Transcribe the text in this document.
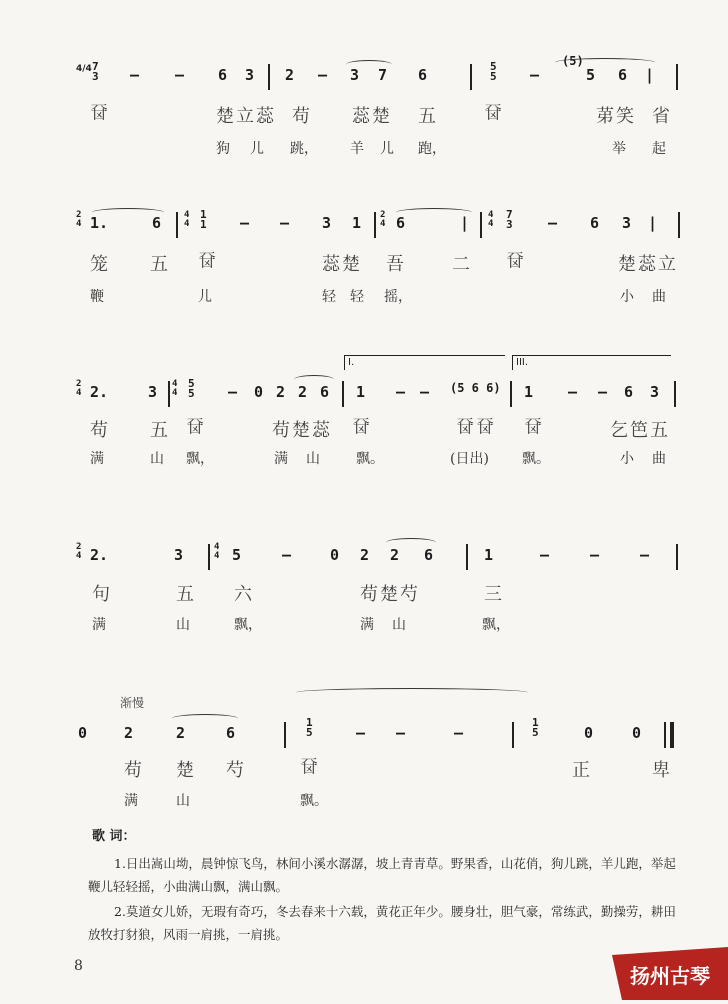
4/4 7
3 – – 6 3 2 – 3 7 6	5
5 –
(5)
5 6 |
𠀮	楚立蕊 苟 蕊楚 五	𠀮	苐笑 省
狗 儿 跳， 羊 儿 跑，	举 起
2
4 1.	6	4
4
1
1 – – 3 1 2
4 6	| 4
4
7
3 – 6 3 |
笼 五 𠀮	蕊楚 吾	二 𠀮	楚蕊立
鞭	儿	轻 轻 摇，	小 曲
I.	III.
2
4 2.	3 4
4
5
5 – 0 2 2 6 1 – – (5 6 6) 1 – – 6 3
苟 五 𠀮	苟楚蕊 𠀮	𠀮𠀮 𠀮	乞笆五
满	山 飘，	满 山	飘。	(日出) 飘。	小 曲
2
4 2.	3	4
4 5	–	0 2 2 6	1	–	–	–
句	五 六	苟楚芍	三
满	山	飘，	满 山	飘，
渐慢
0 2	2	6
1
5	– –	–
1
5	0	0
苟 楚 芍	𠀮	正	卑
满	山	飘。
歌 词：
1.日出嵩山坳，晨钟惊飞鸟，林间小溪水潺潺，坡上青青草。野果香，山花俏，狗儿跳，羊儿跑，举起鞭儿轻轻摇，小曲满山飘，满山飘。
2.莫道女儿娇，无瑕有奇巧，冬去春来十六载，黄花正年少。腰身壮，胆气豪，常练武，勤操劳，耕田放牧打豺狼，风雨一肩挑，一肩挑。
8	扬州古琴
